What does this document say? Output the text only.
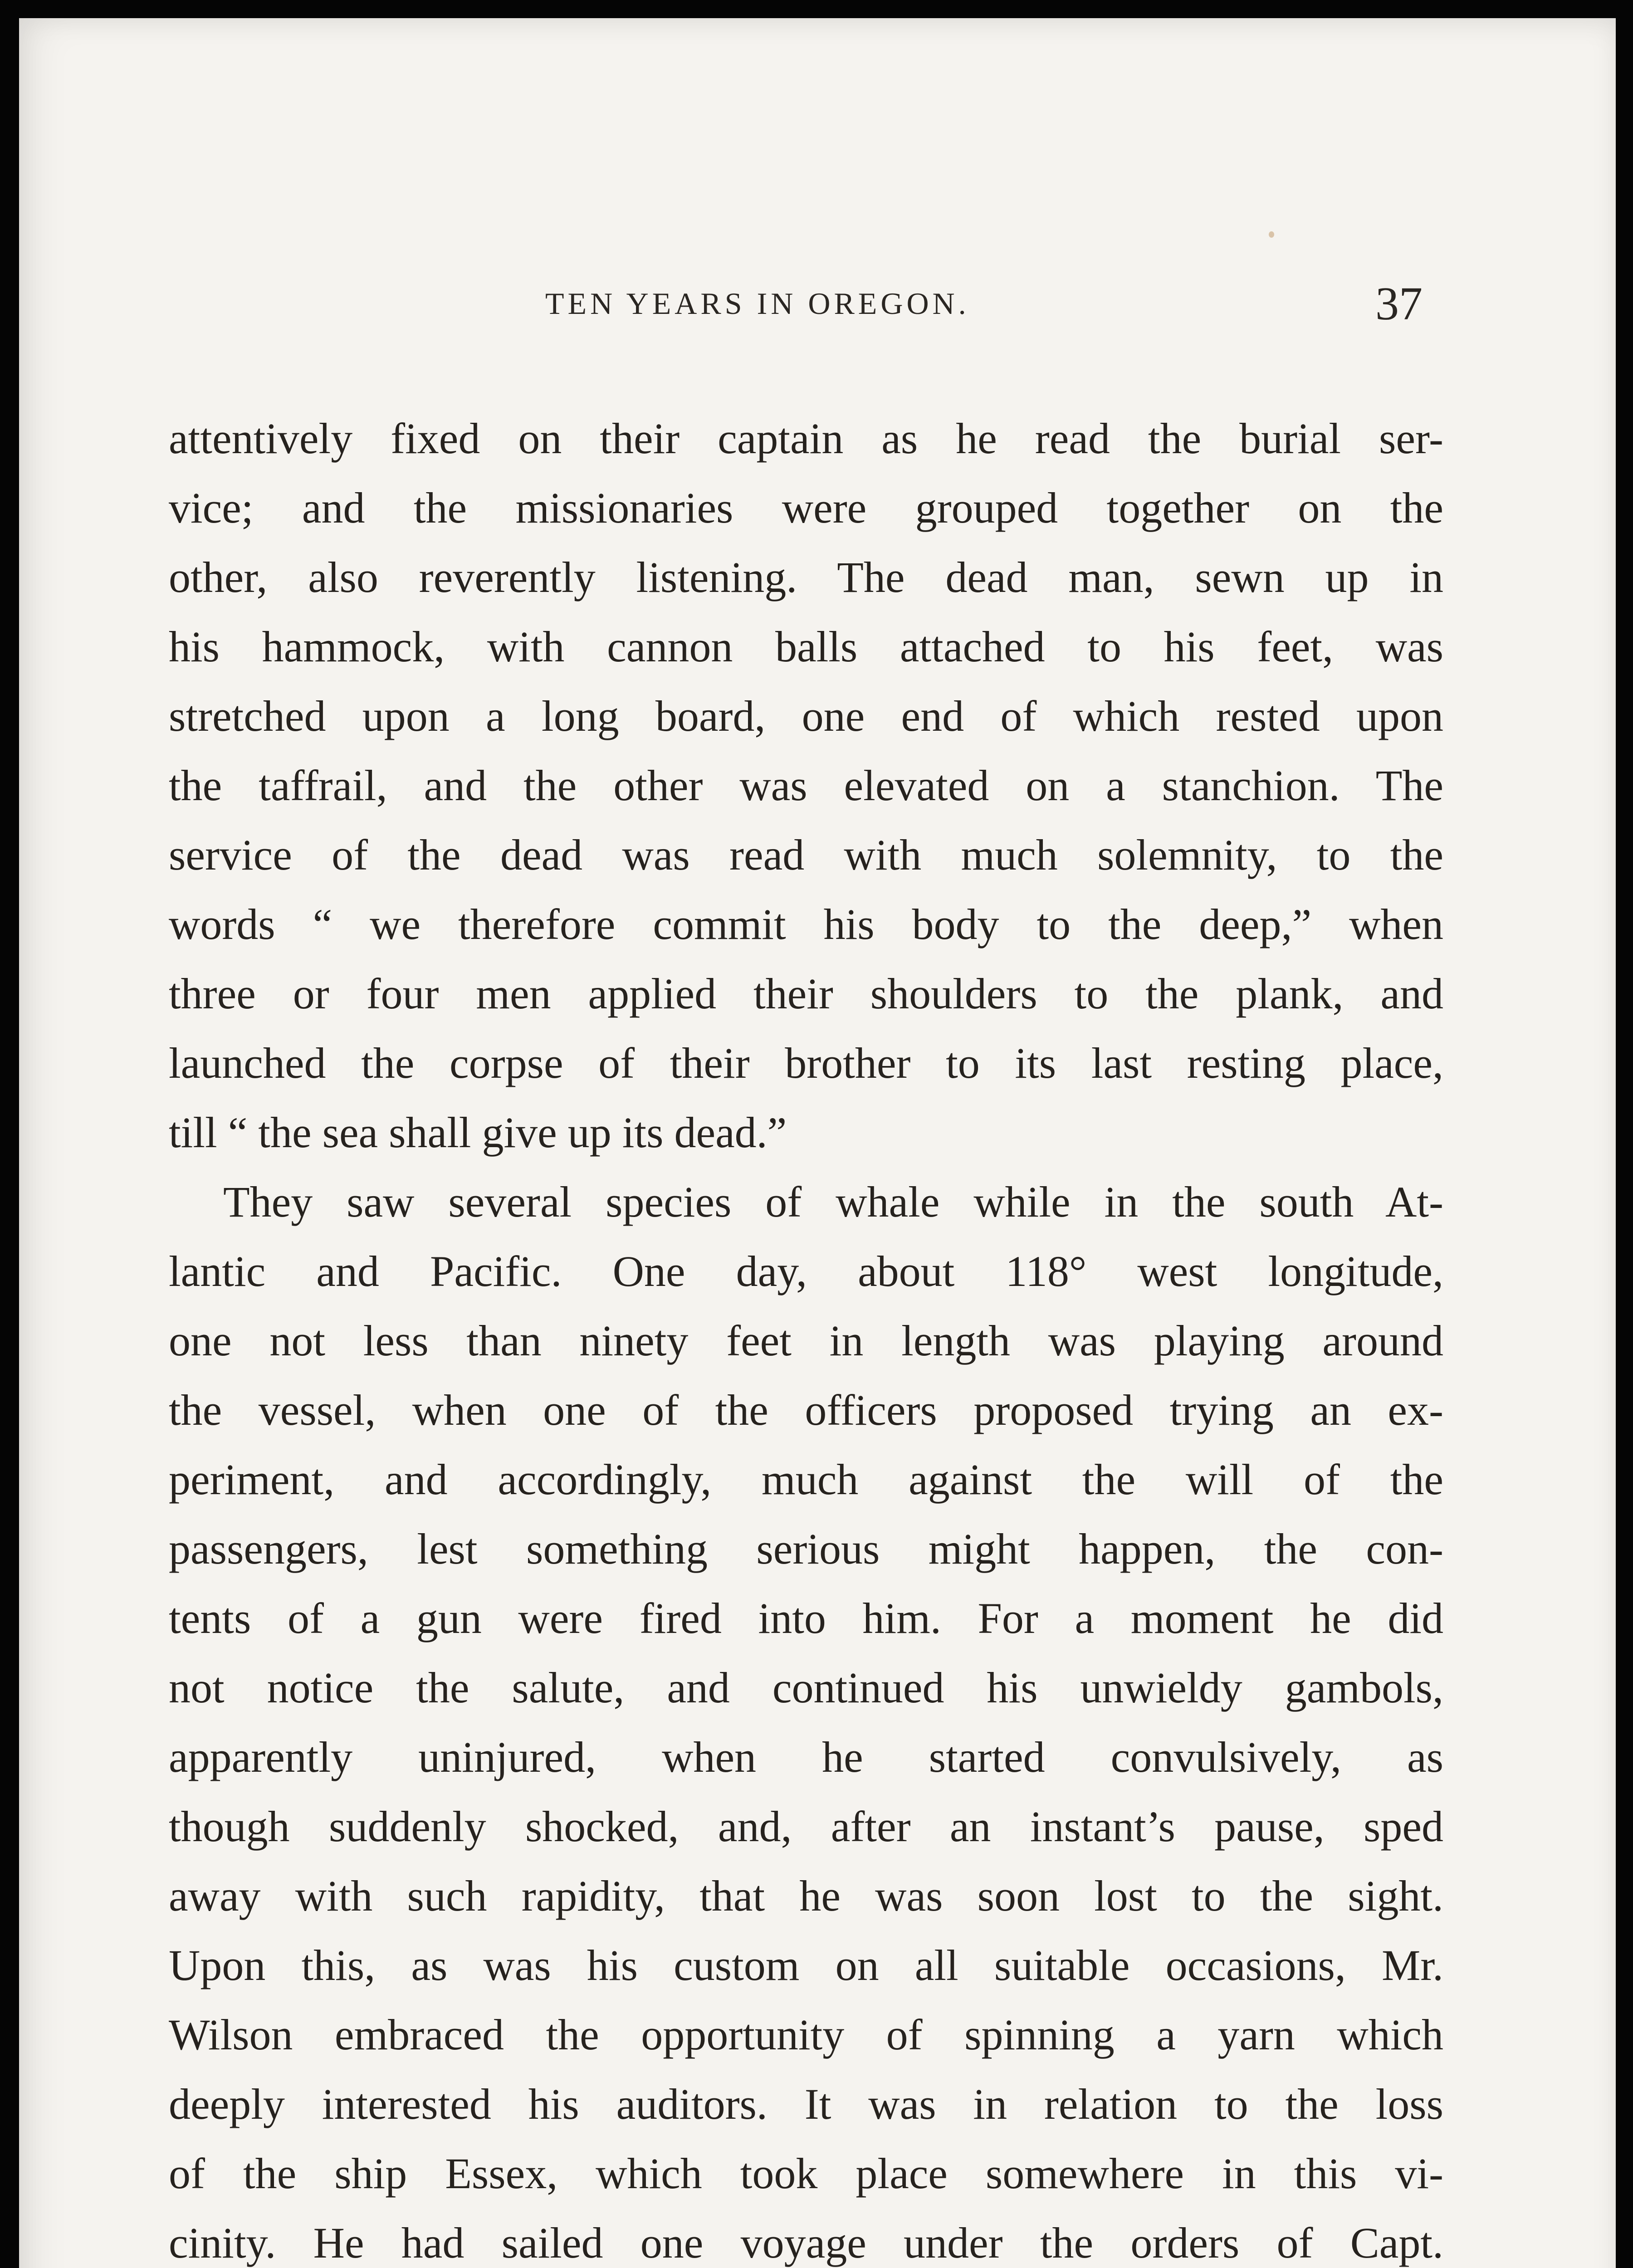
TEN YEARS IN OREGON.	37
attentively fixed on their captain as he read the burial ser-
vice; and the missionaries were grouped together on the
other, also reverently listening. The dead man, sewn up in
his hammock, with cannon balls attached to his feet, was
stretched upon a long board, one end of which rested upon
the taffrail, and the other was elevated on a stanchion. The
service of the dead was read with much solemnity, to the
words “ we therefore commit his body to the deep,” when
three or four men applied their shoulders to the plank, and
launched the corpse of their brother to its last resting place,
till “ the sea shall give up its dead.”
They saw several species of whale while in the south At-
lantic and Pacific. One day, about 118° west longitude,
one not less than ninety feet in length was playing around
the vessel, when one of the officers proposed trying an ex-
periment, and accordingly, much against the will of the
passengers, lest something serious might happen, the con-
tents of a gun were fired into him. For a moment he did
not notice the salute, and continued his unwieldy gambols,
apparently uninjured, when he started convulsively, as
though suddenly shocked, and, after an instant’s pause, sped
away with such rapidity, that he was soon lost to the sight.
Upon this, as was his custom on all suitable occasions, Mr.
Wilson embraced the opportunity of spinning a yarn which
deeply interested his auditors. It was in relation to the loss
of the ship Essex, which took place somewhere in this vi-
cinity. He had sailed one voyage under the orders of Capt.
